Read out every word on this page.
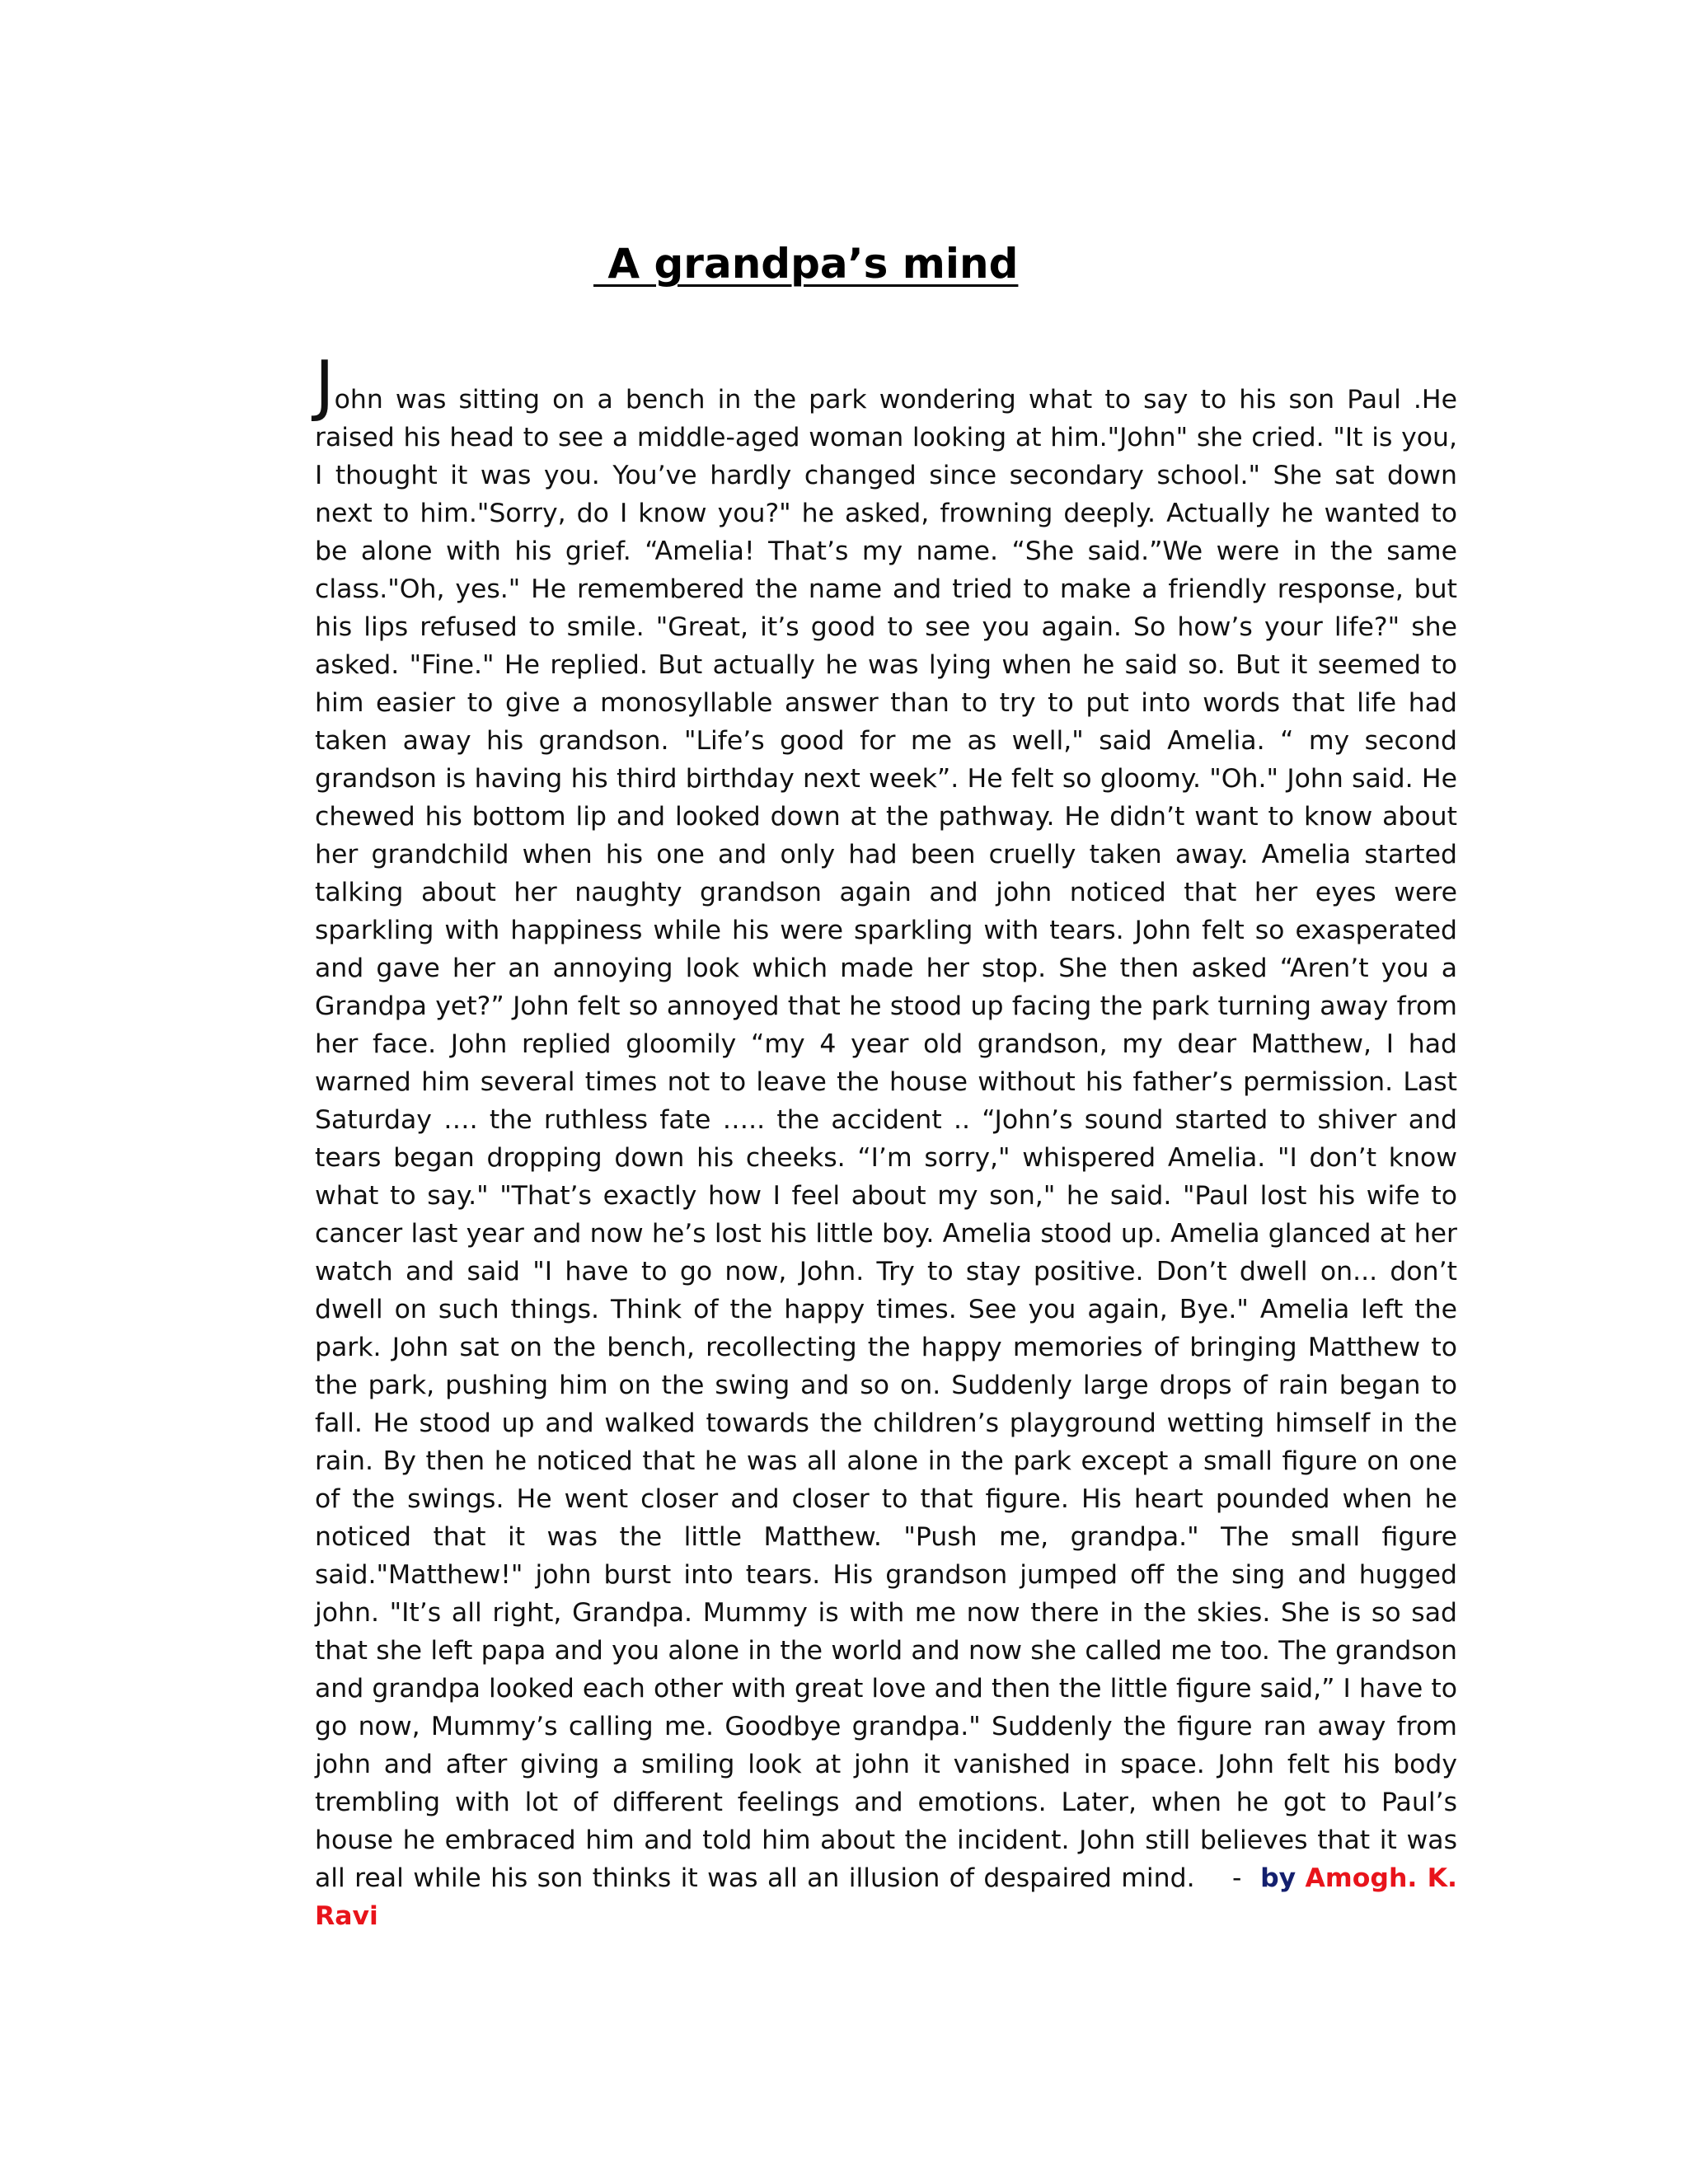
A grandpa’s mind

John was sitting on a bench in the park wondering what to say to his son Paul .He raised his head to see a middle-aged woman looking at him."John" she cried. "It is you, I thought it was you. You’ve hardly changed since secondary school." She sat down next to him."Sorry, do I know you?" he asked, frowning deeply. Actually he wanted to be alone with his grief. “Amelia! That’s my name. “She said.”We were in the same class."Oh, yes." He remembered the name and tried to make a friendly response, but his lips refused to smile. "Great, it’s good to see you again. So how’s your life?" she asked. "Fine." He replied. But actually he was lying when he said so. But it seemed to him easier to give a monosyllable answer than to try to put into words that life had taken away his grandson. "Life’s good for me as well," said Amelia. “ my second grandson is having his third birthday next week”. He felt so gloomy. "Oh." John said. He chewed his bottom lip and looked down at the pathway. He didn’t want to know about her grandchild when his one and only had been cruelly taken away. Amelia started talking about her naughty grandson again and john noticed that her eyes were sparkling with happiness while his were sparkling with tears. John felt so exasperated and gave her an annoying look which made her stop. She then asked “Aren’t you a Grandpa yet?” John felt so annoyed that he stood up facing the park turning away from her face. John replied gloomily “my 4 year old grandson, my dear Matthew, I had warned him several times not to leave the house without his father’s permission. Last Saturday …. the ruthless fate ….. the accident .. “John’s sound started to shiver and tears began dropping down his cheeks. “I’m sorry," whispered Amelia. "I don’t know what to say." "That’s exactly how I feel about my son," he said. "Paul lost his wife to cancer last year and now he’s lost his little boy. Amelia stood up. Amelia glanced at her watch and said "I have to go now, John. Try to stay positive. Don’t dwell on... don’t dwell on such things. Think of the happy times. See you again, Bye." Amelia left the park. John sat on the bench, recollecting the happy memories of bringing Matthew to the park, pushing him on the swing and so on. Suddenly large drops of rain began to fall. He stood up and walked towards the children’s playground wetting himself in the rain. By then he noticed that he was all alone in the park except a small figure on one of the swings. He went closer and closer to that figure. His heart pounded when he noticed that it was the little Matthew. "Push me, grandpa." The small figure said."Matthew!" john burst into tears. His grandson jumped off the sing and hugged john. "It’s all right, Grandpa. Mummy is with me now there in the skies. She is so sad that she left papa and you alone in the world and now she called me too. The grandson and grandpa looked each other with great love and then the little figure said,” I have to go now, Mummy’s calling me. Goodbye grandpa." Suddenly the figure ran away from john and after giving a smiling look at john it vanished in space. John felt his body trembling with lot of different feelings and emotions. Later, when he got to Paul’s house he embraced him and told him about the incident. John still believes that it was all real while his son thinks it was all an illusion of despaired mind.    -  by Amogh. K. Ravi
